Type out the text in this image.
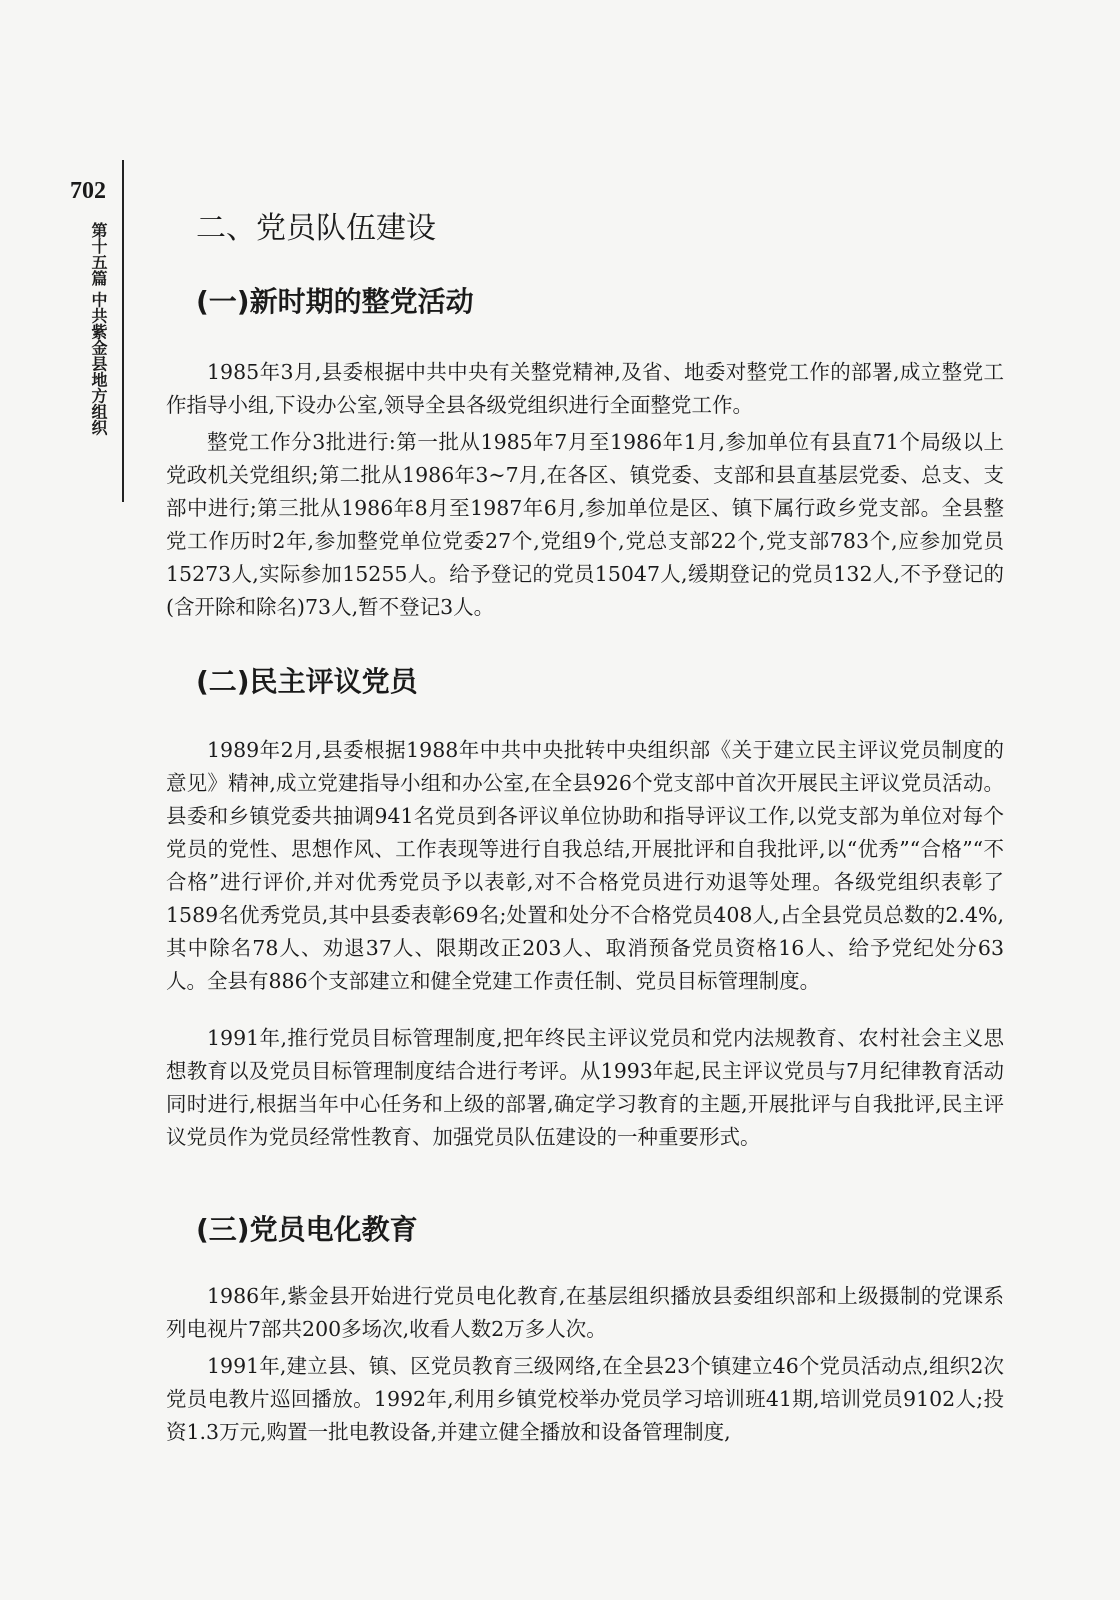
702
第十五篇 中共紫金县地方组织	二、党员队伍建设
(一)新时期的整党活动

1985年3月,县委根据中共中央有关整党精神,及省、地委对整党工作的部署,成立整党工作指导小组,下设办公室,领导全县各级党组织进行全面整党工作。

整党工作分3批进行:第一批从1985年7月至1986年1月,参加单位有县直71个局级以上党政机关党组织;第二批从1986年3~7月,在各区、镇党委、支部和县直基层党委、总支、支部中进行;第三批从1986年8月至1987年6月,参加单位是区、镇下属行政乡党支部。全县整党工作历时2年,参加整党单位党委27个,党组9个,党总支部22个,党支部783个,应参加党员15273人,实际参加15255人。给予登记的党员15047人,缓期登记的党员132人,不予登记的(含开除和除名)73人,暂不登记3人。

(二)民主评议党员

1989年2月,县委根据1988年中共中央批转中央组织部《关于建立民主评议党员制度的意见》精神,成立党建指导小组和办公室,在全县926个党支部中首次开展民主评议党员活动。县委和乡镇党委共抽调941名党员到各评议单位协助和指导评议工作,以党支部为单位对每个党员的党性、思想作风、工作表现等进行自我总结,开展批评和自我批评,以“优秀”“合格”“不合格”进行评价,并对优秀党员予以表彰,对不合格党员进行劝退等处理。各级党组织表彰了1589名优秀党员,其中县委表彰69名;处置和处分不合格党员408人,占全县党员总数的2.4%,其中除名78人、劝退37人、限期改正203人、取消预备党员资格16人、给予党纪处分63人。全县有886个支部建立和健全党建工作责任制、党员目标管理制度。

1991年,推行党员目标管理制度,把年终民主评议党员和党内法规教育、农村社会主义思想教育以及党员目标管理制度结合进行考评。从1993年起,民主评议党员与7月纪律教育活动同时进行,根据当年中心任务和上级的部署,确定学习教育的主题,开展批评与自我批评,民主评议党员作为党员经常性教育、加强党员队伍建设的一种重要形式。

(三)党员电化教育

1986年,紫金县开始进行党员电化教育,在基层组织播放县委组织部和上级摄制的党课系列电视片7部共200多场次,收看人数2万多人次。

1991年,建立县、镇、区党员教育三级网络,在全县23个镇建立46个党员活动点,组织2次党员电教片巡回播放。1992年,利用乡镇党校举办党员学习培训班41期,培训党员9102人;投资1.3万元,购置一批电教设备,并建立健全播放和设备管理制度,
